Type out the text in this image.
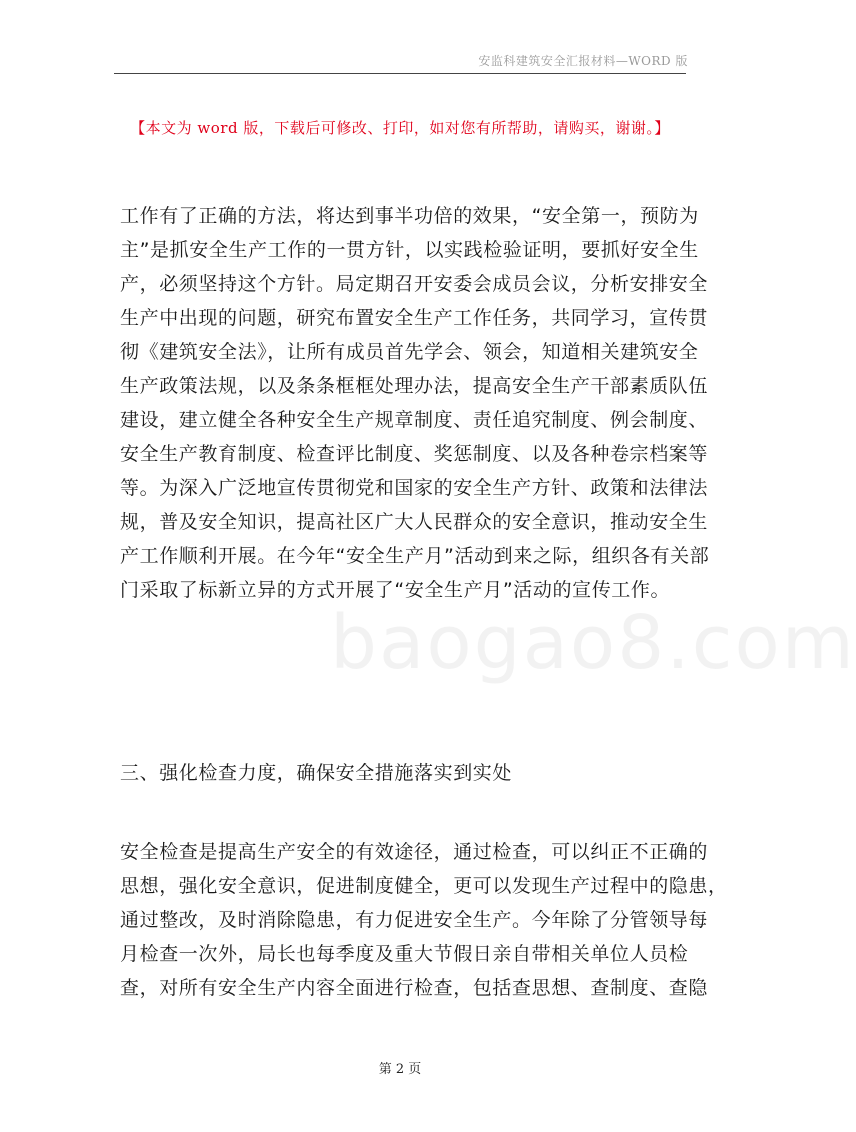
安监科建筑安全汇报材料—WORD 版
【本文为 word 版，下载后可修改、打印，如对您有所帮助，请购买，谢谢。】
工作有了正确的方法，将达到事半功倍的效果，“安全第一，预防为
主”是抓安全生产工作的一贯方针，以实践检验证明，要抓好安全生
产，必须坚持这个方针。局定期召开安委会成员会议，分析安排安全
生产中出现的问题，研究布置安全生产工作任务，共同学习，宣传贯
彻《建筑安全法》，让所有成员首先学会、领会，知道相关建筑安全
生产政策法规，以及条条框框处理办法，提高安全生产干部素质队伍
建设，建立健全各种安全生产规章制度、责任追究制度、例会制度、
安全生产教育制度、检查评比制度、奖惩制度、以及各种卷宗档案等
等。为深入广泛地宣传贯彻党和国家的安全生产方针、政策和法律法
规，普及安全知识，提高社区广大人民群众的安全意识，推动安全生
产工作顺利开展。在今年“安全生产月”活动到来之际，组织各有关部
门采取了标新立异的方式开展了“安全生产月”活动的宣传工作。
三、强化检查力度，确保安全措施落实到实处
安全检查是提高生产安全的有效途径，通过检查，可以纠正不正确的
思想，强化安全意识，促进制度健全，更可以发现生产过程中的隐患，
通过整改，及时消除隐患，有力促进安全生产。今年除了分管领导每
月检查一次外，局长也每季度及重大节假日亲自带相关单位人员检
查，对所有安全生产内容全面进行检查，包括查思想、查制度、查隐
baogao8.com
第 2 页
